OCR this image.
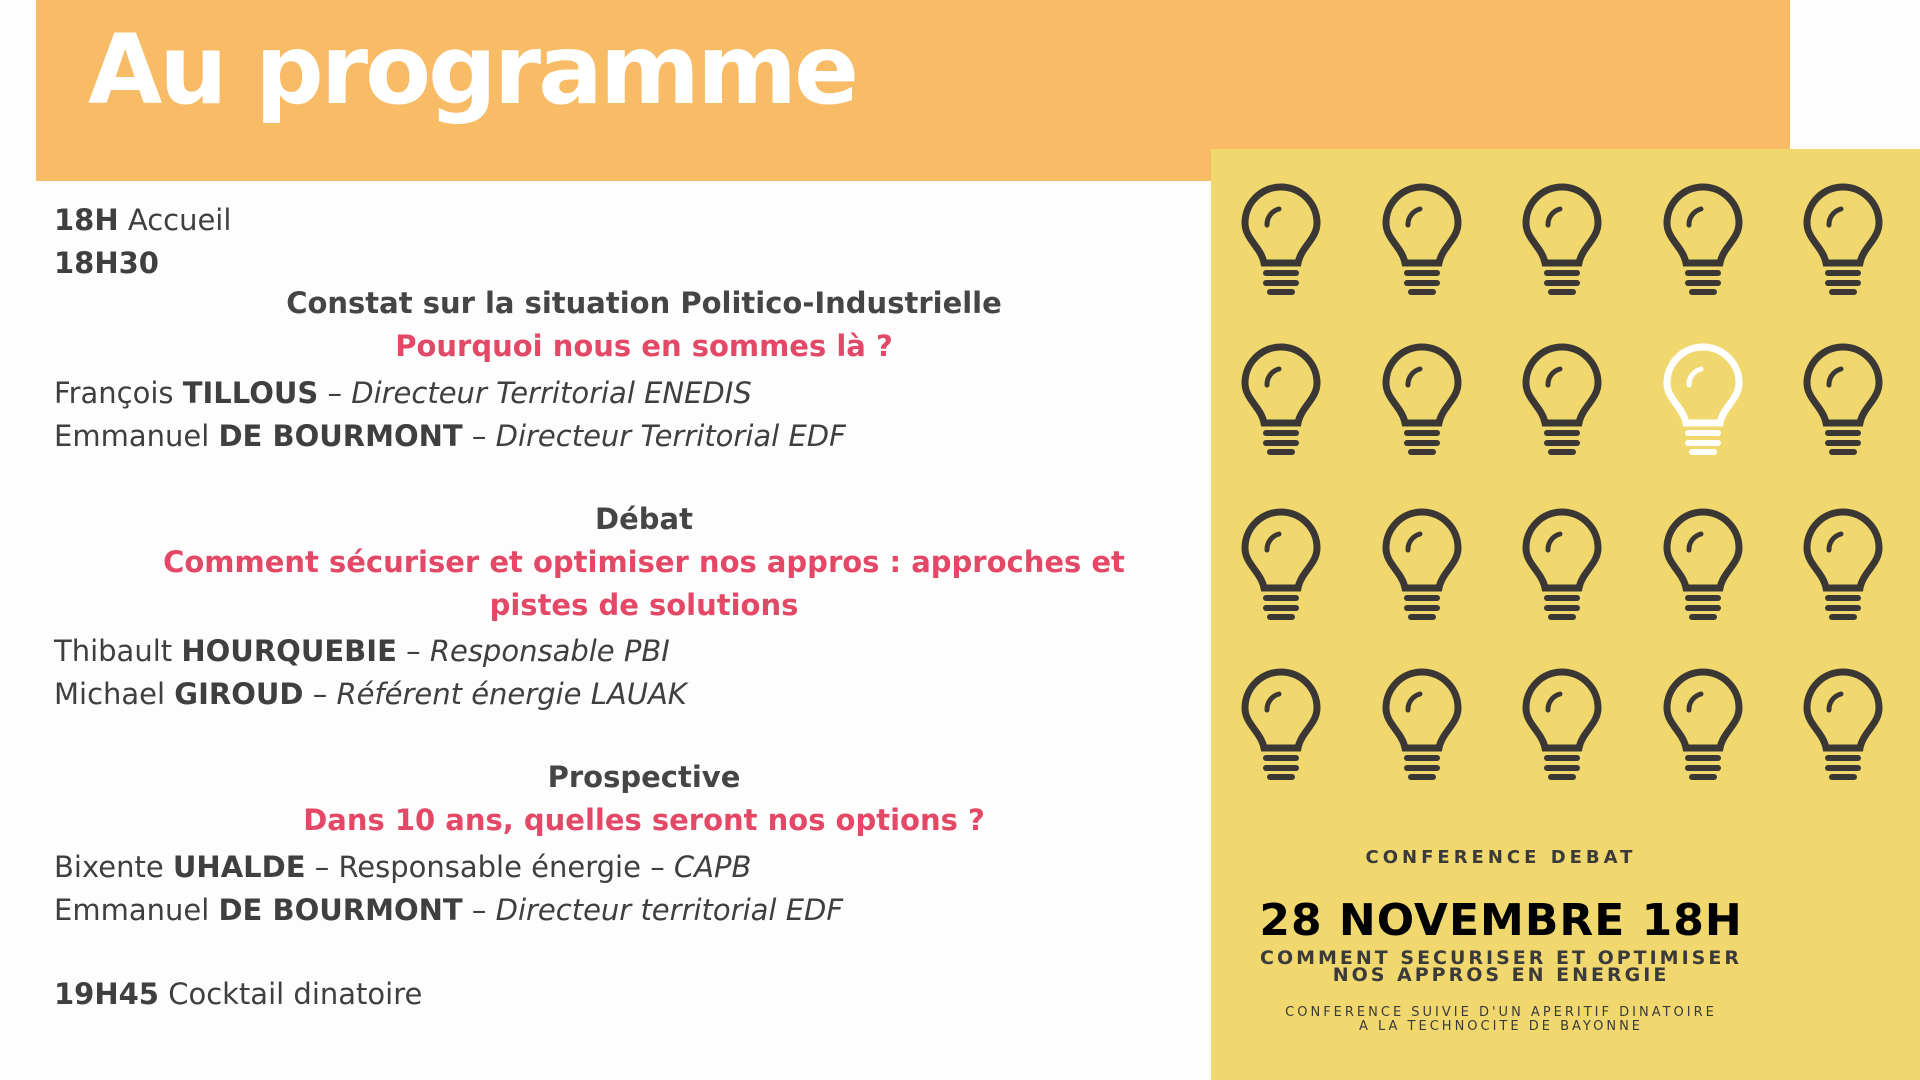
Au programme
18H Accueil
18H30
Constat sur la situation Politico-Industrielle
Pourquoi nous en sommes là ?
François TILLOUS – Directeur Territorial ENEDIS
Emmanuel DE BOURMONT – Directeur Territorial EDF
Débat
Comment sécuriser et optimiser nos appros : approches et
pistes de solutions
Thibault HOURQUEBIE – Responsable PBI
Michael GIROUD – Référent énergie LAUAK
Prospective
Dans 10 ans, quelles seront nos options ?
Bixente UHALDE – Responsable énergie – CAPB
Emmanuel DE BOURMONT – Directeur territorial EDF
19H45 Cocktail dinatoire
CONFERENCE DEBAT
28 NOVEMBRE 18H
COMMENT SECURISER ET OPTIMISER NOS APPROS EN ENERGIE
CONFERENCE SUIVIE D'UN APERITIF DINATOIRE
A LA TECHNOCITE DE BAYONNE
